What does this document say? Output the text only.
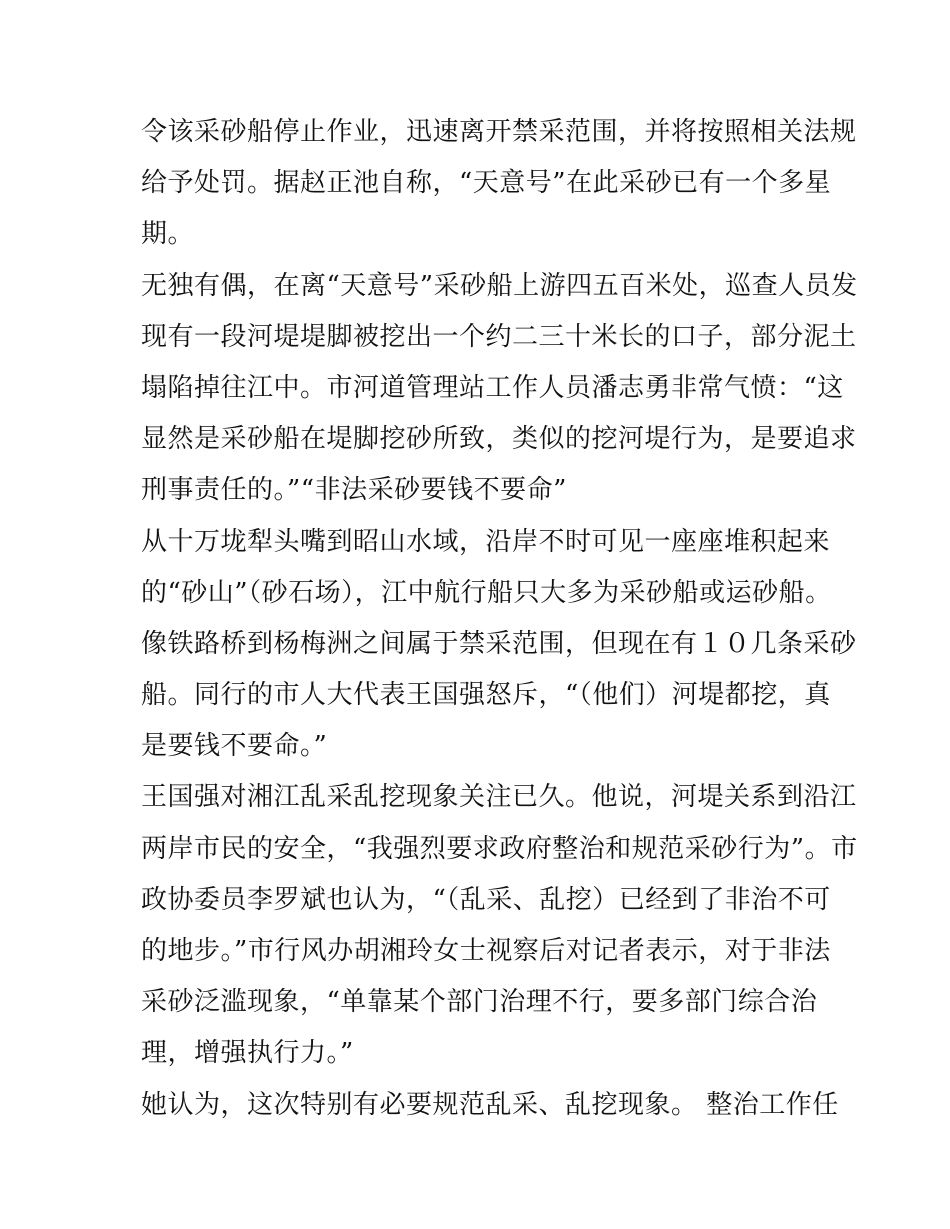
令该采砂船停止作业，迅速离开禁采范围，并将按照相关法规
给予处罚。据赵正池自称，“天意号”在此采砂已有一个多星
期。
无独有偶，在离“天意号”采砂船上游四五百米处，巡查人员发
现有一段河堤堤脚被挖出一个约二三十米长的口子，部分泥土
塌陷掉往江中。市河道管理站工作人员潘志勇非常气愤：“这
显然是采砂船在堤脚挖砂所致，类似的挖河堤行为，是要追求
刑事责任的。”“非法采砂要钱不要命”
从十万垅犁头嘴到昭山水域，沿岸不时可见一座座堆积起来
的“砂山”（砂石场），江中航行船只大多为采砂船或运砂船。
像铁路桥到杨梅洲之间属于禁采范围，但现在有１０几条采砂
船。同行的市人大代表王国强怒斥，“（他们）河堤都挖，真
是要钱不要命。”
王国强对湘江乱采乱挖现象关注已久。他说，河堤关系到沿江
两岸市民的安全，“我强烈要求政府整治和规范采砂行为”。市
政协委员李罗斌也认为，“（乱采、乱挖）已经到了非治不可
的地步。”市行风办胡湘玲女士视察后对记者表示，对于非法
采砂泛滥现象，“单靠某个部门治理不行，要多部门综合治
理，增强执行力。”
她认为，这次特别有必要规范乱采、乱挖现象。 整治工作任
